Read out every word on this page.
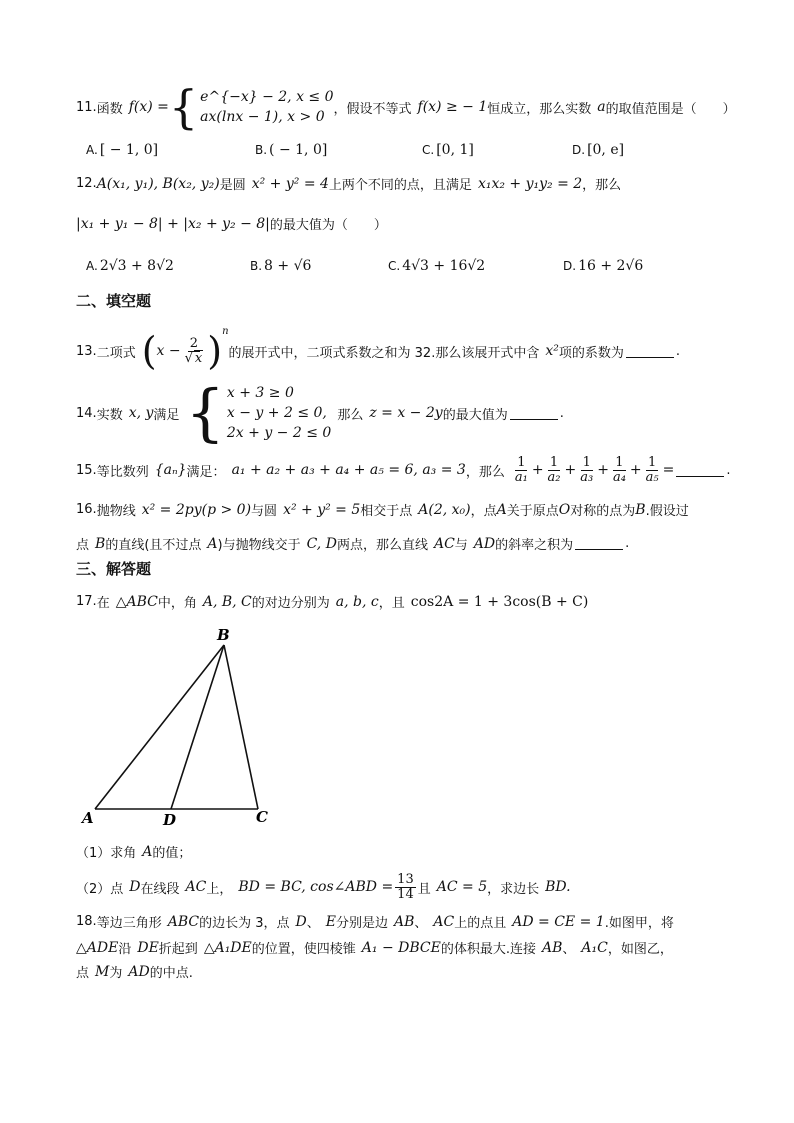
11. 函数 f(x) = { e^{−x} − 2, x ≤ 0
ax(lnx − 1), x > 0 ，假设不等式 f(x) ≥ − 1 恒成立，那么实数 a 的取值范围是（　　）
A. [ − 1, 0]	B. ( − 1, 0]	C. [0, 1]	D. [0, e]
12. A(x₁, y₁), B(x₂, y₂) 是圆 x² + y² = 4 上两个不同的点，且满足 x₁x₂ + y₁y₂ = 2 ，那么
|x₁ + y₁ − 8| + |x₂ + y₂ − 8| 的最大值为（　　）
A. 2√3 + 8√2	B. 8 + √6	C. 4√3 + 16√2	D. 16 + 2√6
二、填空题
13. 二项式 ( $x - \frac{2}{√ x} )^n$
的展开式中，二项式系数之和为 32.那么该展开式中含 x² 项的系数为	.
14. 实数 x, y 满足 { x + 3 ≥ 0
x − y + 2 ≤ 0,
2x + y − 2 ≤ 0
那么 z = x − 2y 的最大值为	.
15. 等比数列 {aₙ} 满足： a₁ + a₂ + a₃ + a₄ + a₅ = 6, a₃ = 3 ，那么 $\frac{1}{\text{a₁}} + \frac{1}{\text{a₂}} + \frac{1}{\text{a₃}} + \frac{1}{\text{a₄}} + \frac{1}{\text{a₅}}$ =	.
16. 抛物线 x² = 2py(p > 0) 与圆 x² + y² = 5 相交于点 A(2, x₀) ，点 A 关于原点 O 对称的点为 B .假设过
点 B 的直线(且不过点 A )与抛物线交于 C, D 两点，那么直线 AC 与 AD 的斜率之积为	.
三、解答题
17. 在 △ABC 中，角 A, B, C 的对边分别为 a, b, c ，且 cos2A = 1 + 3cos(B + C)
B
A	D	C
（1）求角 A 的值；
（2）点 D 在线段 AC 上， BD = BC, cos∠ABD = $\frac{13}{14}$ 且 AC = 5 ，求边长 BD.
18. 等边三角形 ABC 的边长为 3，点 D 、 E 分别是边 AB 、 AC 上的点且 AD = CE = 1 .如图甲，将
△ADE 沿 DE 折起到 △A₁DE 的位置，使四棱锥 A₁ − DBCE 的体积最大.连接 AB 、 A₁C ，如图乙，
点 M 为 AD 的中点.
